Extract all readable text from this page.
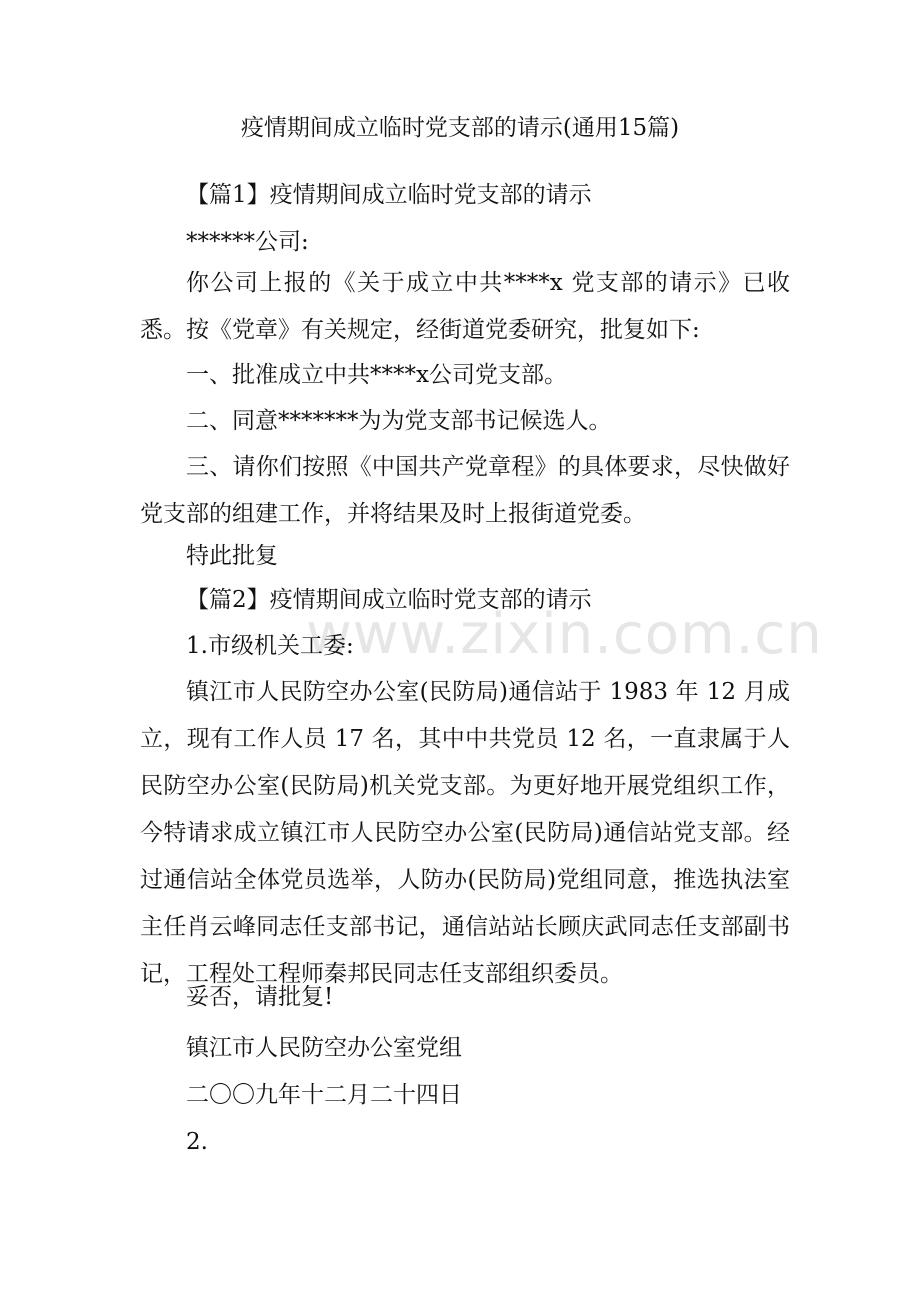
www.zixin.com.cn
疫情期间成立临时党支部的请示(通用15篇)
【篇1】疫情期间成立临时党支部的请示
******公司:
你公司上报的《关于成立中共****x 党支部的请示》已收悉。按《党章》有关规定，经街道党委研究，批复如下:
一、批准成立中共****x公司党支部。
二、同意*******为为党支部书记候选人。
三、请你们按照《中国共产党章程》的具体要求，尽快做好党支部的组建工作，并将结果及时上报街道党委。
特此批复
【篇2】疫情期间成立临时党支部的请示
1.市级机关工委:
镇江市人民防空办公室(民防局)通信站于 1983 年 12 月成立，现有工作人员 17 名，其中中共党员 12 名，一直隶属于人民防空办公室(民防局)机关党支部。为更好地开展党组织工作，今特请求成立镇江市人民防空办公室(民防局)通信站党支部。经过通信站全体党员选举，人防办(民防局)党组同意，推选执法室主任肖云峰同志任支部书记，通信站站长顾庆武同志任支部副书记，工程处工程师秦邦民同志任支部组织委员。
妥否，请批复!
镇江市人民防空办公室党组
二〇〇九年十二月二十四日
2.
